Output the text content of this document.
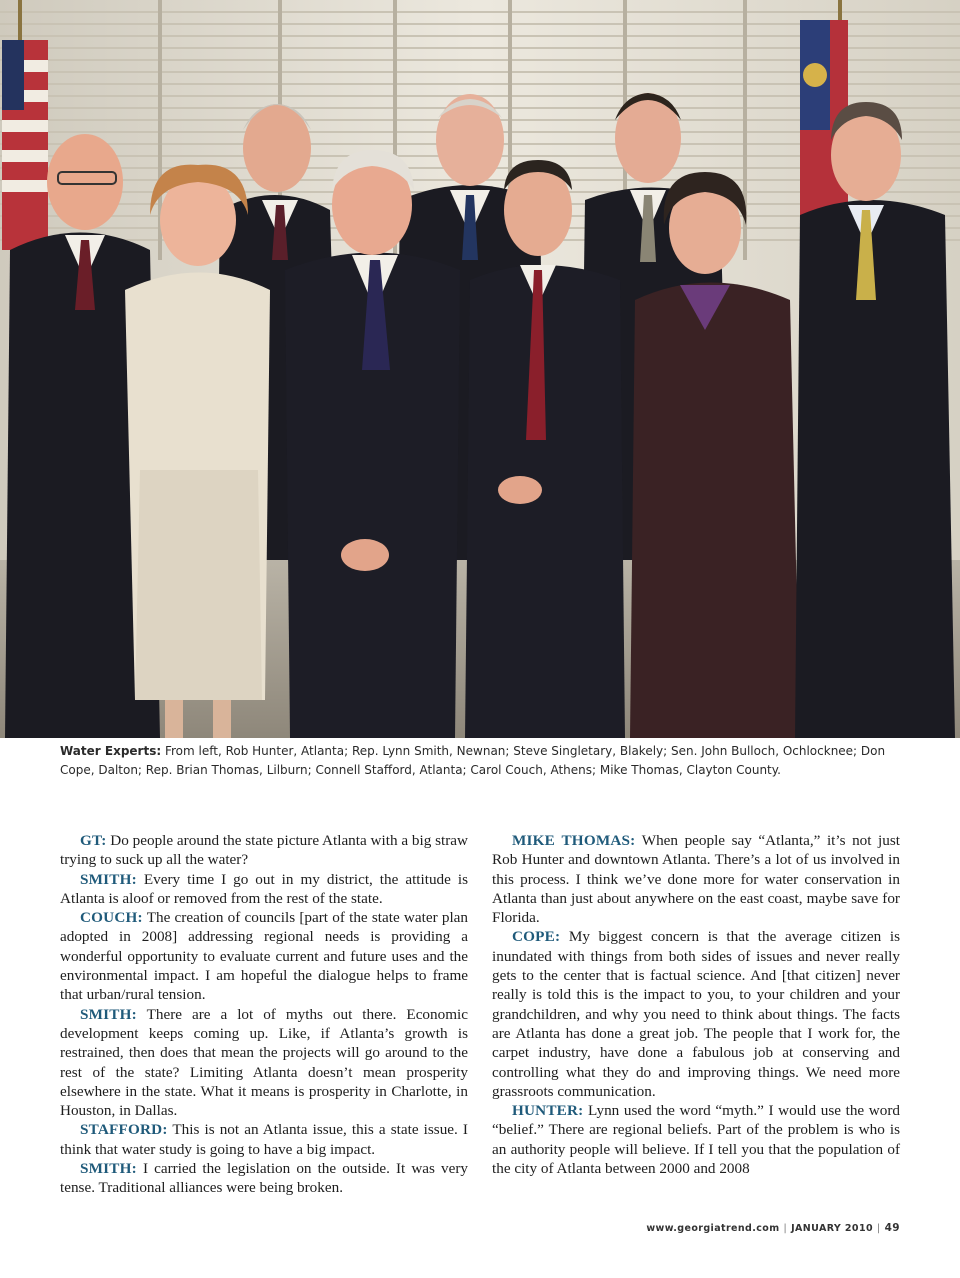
Water Experts: From left, Rob Hunter, Atlanta; Rep. Lynn Smith, Newnan; Steve Singletary, Blakely; Sen. John Bulloch, Ochlocknee; Don Cope, Dalton; Rep. Brian Thomas, Lilburn; Connell Stafford, Atlanta; Carol Couch, Athens; Mike Thomas, Clayton County.

GT: Do people around the state picture Atlanta with a big straw trying to suck up all the water?

SMITH: Every time I go out in my district, the attitude is Atlanta is aloof or removed from the rest of the state.

COUCH: The creation of councils [part of the state water plan adopted in 2008] addressing regional needs is providing a wonderful opportunity to evaluate current and future uses and the environmental impact. I am hopeful the dialogue helps to frame that urban/rural tension.

SMITH: There are a lot of myths out there. Economic development keeps coming up. Like, if Atlanta’s growth is restrained, then does that mean the projects will go around to the rest of the state? Limiting Atlanta doesn’t mean prosperity elsewhere in the state. What it means is prosperity in Charlotte, in Houston, in Dallas.

STAFFORD: This is not an Atlanta issue, this a state issue. I think that water study is going to have a big impact.

SMITH: I carried the legislation on the outside. It was very tense. Traditional alliances were being broken.

MIKE THOMAS: When people say “Atlanta,” it’s not just Rob Hunter and downtown Atlanta. There’s a lot of us involved in this process. I think we’ve done more for water conservation in Atlanta than just about anywhere on the east coast, maybe save for Florida.

COPE: My biggest concern is that the average citizen is inundated with things from both sides of issues and never really gets to the center that is factual science. And [that citizen] never really is told this is the impact to you, to your children and your grandchildren, and why you need to think about things. The facts are Atlanta has done a great job. The people that I work for, the carpet industry, have done a fabulous job at conserving and controlling what they do and improving things. We need more grassroots communication.

HUNTER: Lynn used the word “myth.” I would use the word “belief.” There are regional beliefs. Part of the problem is who is an authority people will believe. If I tell you that the population of the city of Atlanta between 2000 and 2008

www.georgiatrend.com | JANUARY 2010 | 49
